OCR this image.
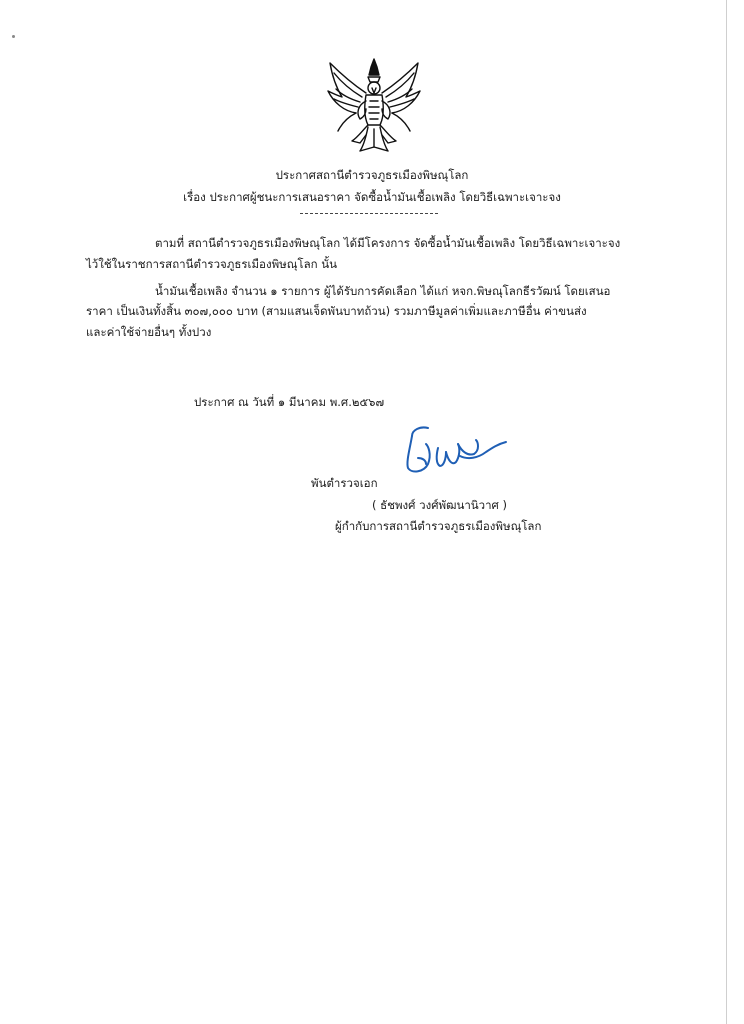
ประกาศสถานีตำรวจภูธรเมืองพิษณุโลก
เรื่อง ประกาศผู้ชนะการเสนอราคา จัดซื้อน้ำมันเชื้อเพลิง โดยวิธีเฉพาะเจาะจง
ตามที่ สถานีตำรวจภูธรเมืองพิษณุโลก ได้มีโครงการ จัดซื้อน้ำมันเชื้อเพลิง โดยวิธีเฉพาะเจาะจง
ไว้ใช้ในราชการสถานีตำรวจภูธรเมืองพิษณุโลก นั้น
น้ำมันเชื้อเพลิง จำนวน ๑ รายการ ผู้ได้รับการคัดเลือก ได้แก่ หจก.พิษณุโลกธีรวัฒน์ โดยเสนอ
ราคา เป็นเงินทั้งสิ้น ๓๐๗,๐๐๐ บาท (สามแสนเจ็ดพันบาทถ้วน) รวมภาษีมูลค่าเพิ่มและภาษีอื่น ค่าขนส่ง
และค่าใช้จ่ายอื่นๆ ทั้งปวง
ประกาศ ณ วันที่ ๑ มีนาคม พ.ศ.๒๕๖๗
พันตำรวจเอก
( ธัชพงศ์ วงศ์พัฒนานิวาศ )
ผู้กำกับการสถานีตำรวจภูธรเมืองพิษณุโลก
